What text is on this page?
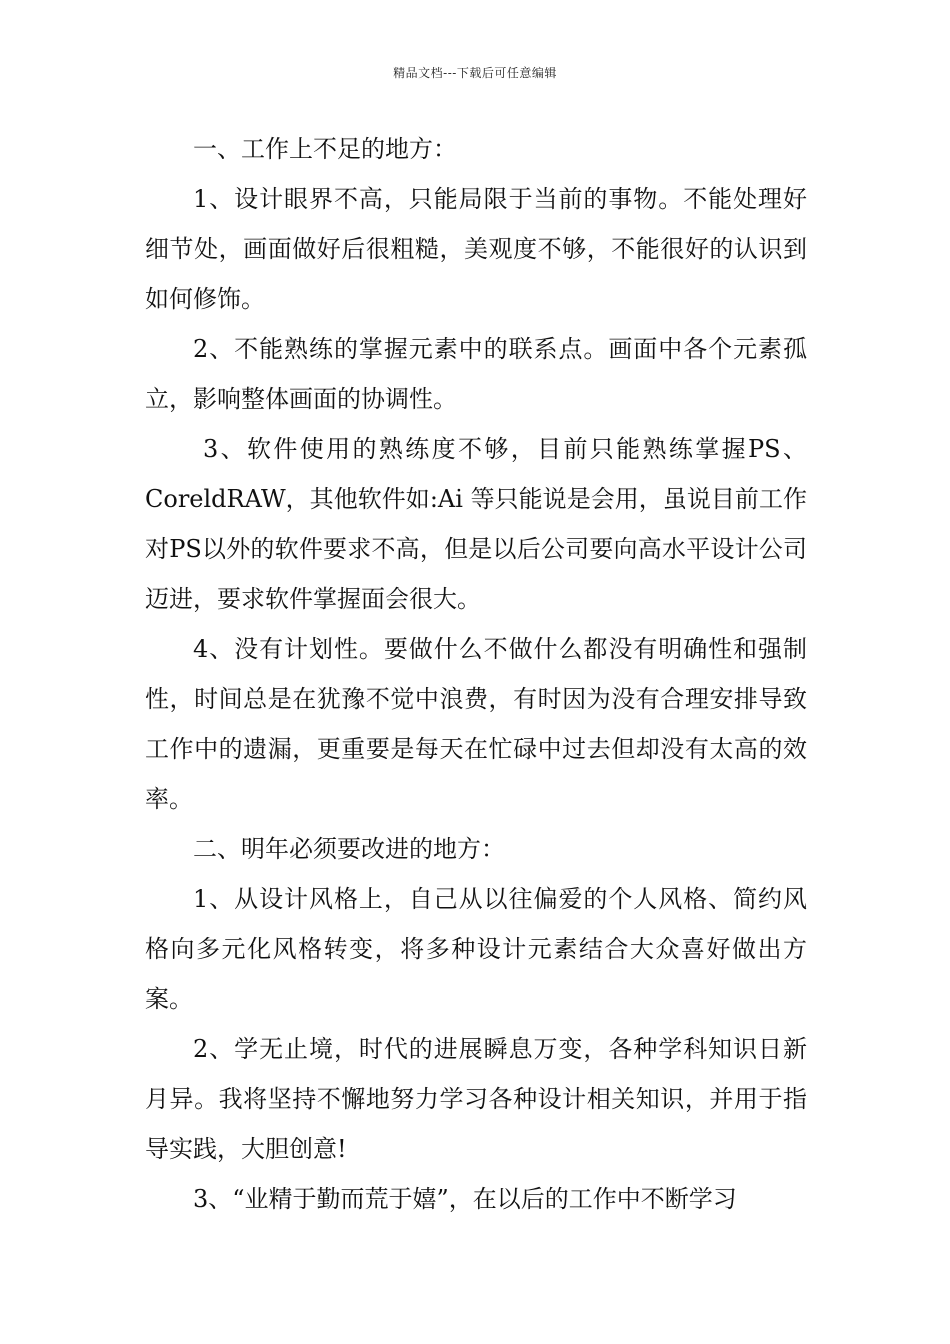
精品文档---下载后可任意编辑

一、工作上不足的地方：

1、设计眼界不高，只能局限于当前的事物。不能处理好细节处，画面做好后很粗糙，美观度不够，不能很好的认识到如何修饰。

2、不能熟练的掌握元素中的联系点。画面中各个元素孤立，影响整体画面的协调性。

3、软件使用的熟练度不够，目前只能熟练掌握PS、CoreldRAW，其他软件如:Ai 等只能说是会用，虽说目前工作对PS以外的软件要求不高，但是以后公司要向高水平设计公司迈进，要求软件掌握面会很大。

4、没有计划性。要做什么不做什么都没有明确性和强制性，时间总是在犹豫不觉中浪费，有时因为没有合理安排导致工作中的遗漏，更重要是每天在忙碌中过去但却没有太高的效率。

二、明年必须要改进的地方：

1、从设计风格上，自己从以往偏爱的个人风格、简约风格向多元化风格转变，将多种设计元素结合大众喜好做出方案。

2、学无止境，时代的进展瞬息万变，各种学科知识日新月异。我将坚持不懈地努力学习各种设计相关知识，并用于指导实践，大胆创意!

3、“业精于勤而荒于嬉”，在以后的工作中不断学习
